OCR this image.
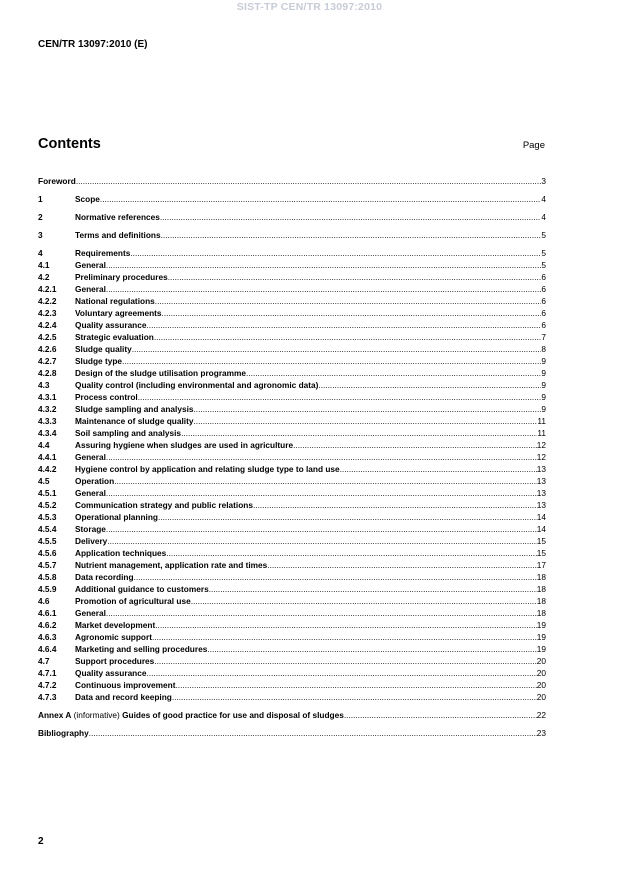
SIST-TP CEN/TR 13097:2010
CEN/TR 13097:2010 (E)
Contents	Page
Foreword .....	3
1	Scope .....	4
2	Normative references .....	4
3	Terms and definitions .....	5
4	Requirements .....	5
4.1	General .....	5
4.2	Preliminary procedures .....	6
4.2.1	General .....	6
4.2.2	National regulations .....	6
4.2.3	Voluntary agreements .....	6
4.2.4	Quality assurance .....	6
4.2.5	Strategic evaluation .....	7
4.2.6	Sludge quality .....	8
4.2.7	Sludge type .....	9
4.2.8	Design of the sludge utilisation programme .....	9
4.3	Quality control (including environmental and agronomic data) .....	9
4.3.1	Process control .....	9
4.3.2	Sludge sampling and analysis .....	9
4.3.3	Maintenance of sludge quality .....	11
4.3.4	Soil sampling and analysis .....	11
4.4	Assuring hygiene when sludges are used in agriculture .....	12
4.4.1	General .....	12
4.4.2	Hygiene control by application and relating sludge type to land use .....	13
4.5	Operation .....	13
4.5.1	General .....	13
4.5.2	Communication strategy and public relations .....	13
4.5.3	Operational planning .....	14
4.5.4	Storage .....	14
4.5.5	Delivery .....	15
4.5.6	Application techniques .....	15
4.5.7	Nutrient management, application rate and times .....	17
4.5.8	Data recording .....	18
4.5.9	Additional guidance to customers .....	18
4.6	Promotion of agricultural use .....	18
4.6.1	General .....	18
4.6.2	Market development .....	19
4.6.3	Agronomic support .....	19
4.6.4	Marketing and selling procedures .....	19
4.7	Support procedures .....	20
4.7.1	Quality assurance .....	20
4.7.2	Continuous improvement .....	20
4.7.3	Data and record keeping .....	20
Annex A (informative) Guides of good practice for use and disposal of sludges .....	22
Bibliography .....	23
2
